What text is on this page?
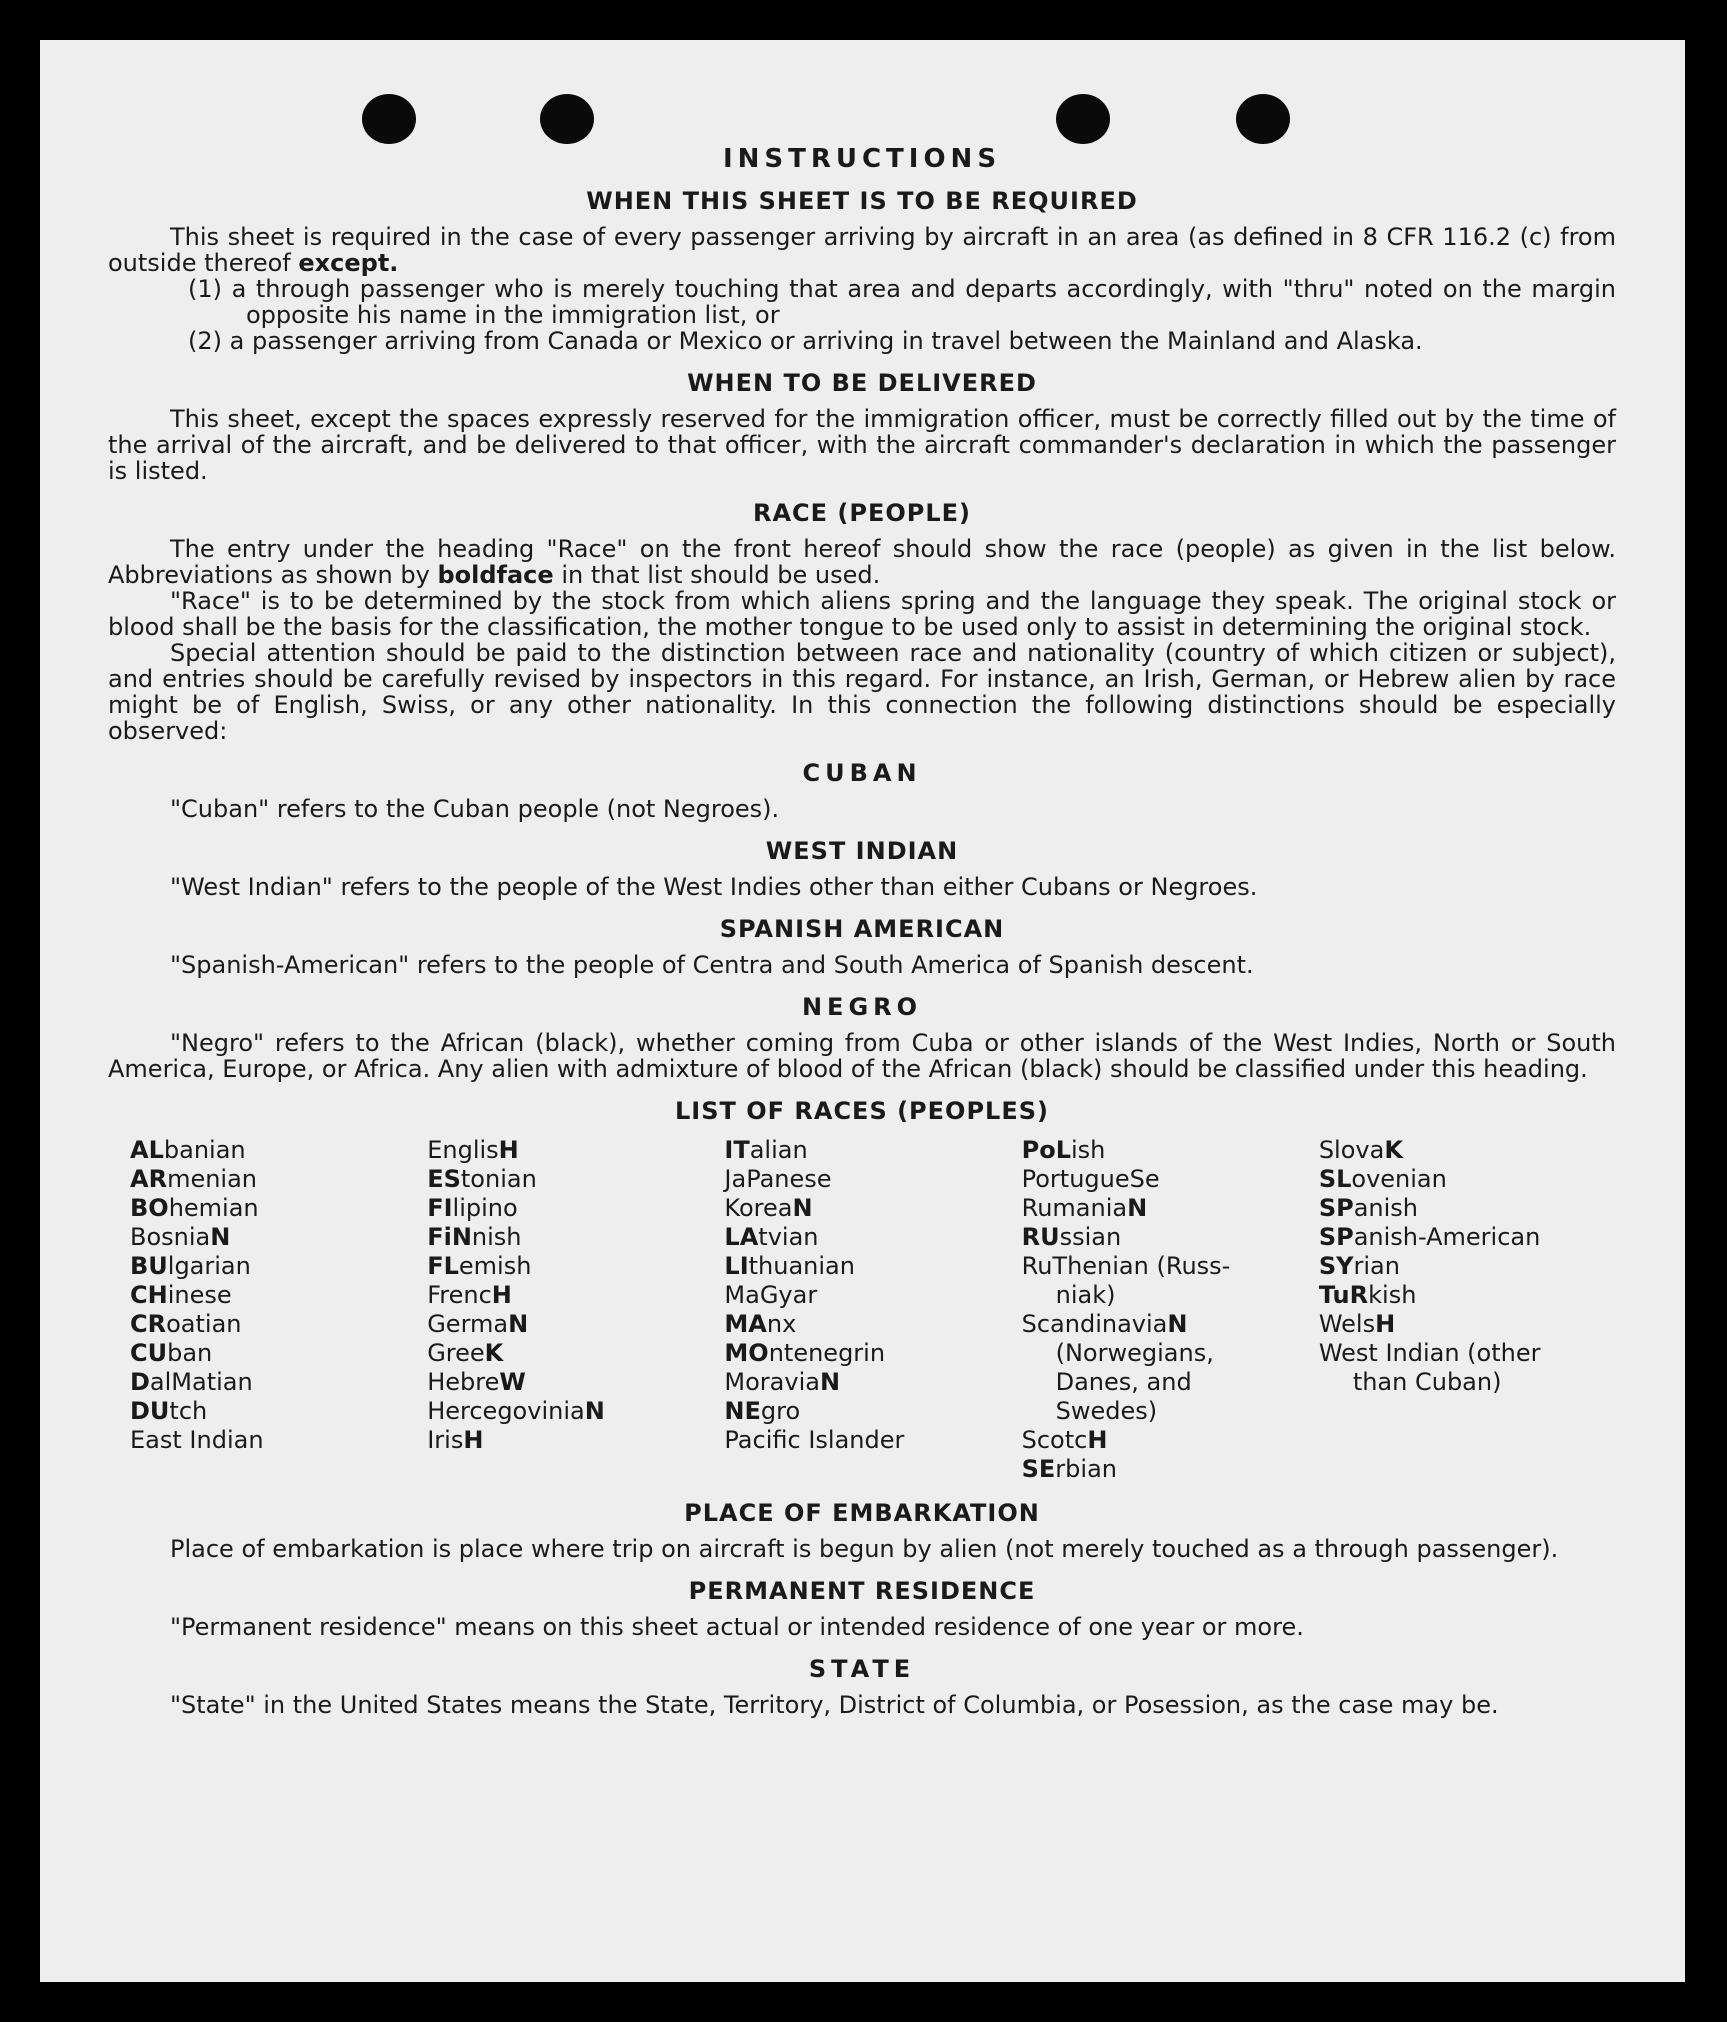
INSTRUCTIONS
WHEN THIS SHEET IS TO BE REQUIRED

This sheet is required in the case of every passenger arriving by aircraft in an area (as defined in 8 CFR 116.2 (c) from outside thereof except.

(1) a through passenger who is merely touching that area and departs accordingly, with "thru" noted on the margin opposite his name in the immigration list, or

(2) a passenger arriving from Canada or Mexico or arriving in travel between the Mainland and Alaska.

WHEN TO BE DELIVERED

This sheet, except the spaces expressly reserved for the immigration officer, must be correctly filled out by the time of the arrival of the aircraft, and be delivered to that officer, with the aircraft commander's declaration in which the passenger is listed.

RACE (PEOPLE)

The entry under the heading "Race" on the front hereof should show the race (people) as given in the list below. Abbreviations as shown by boldface in that list should be used.

"Race" is to be determined by the stock from which aliens spring and the language they speak. The original stock or blood shall be the basis for the classification, the mother tongue to be used only to assist in determining the original stock.

Special attention should be paid to the distinction between race and nationality (country of which citizen or subject), and entries should be carefully revised by inspectors in this regard. For instance, an Irish, German, or Hebrew alien by race might be of English, Swiss, or any other nationality. In this connection the following distinctions should be especially observed:

CUBAN

"Cuban" refers to the Cuban people (not Negroes).

WEST INDIAN

"West Indian" refers to the people of the West Indies other than either Cubans or Negroes.

SPANISH AMERICAN

"Spanish-American" refers to the people of Centra and South America of Spanish descent.

NEGRO

"Negro" refers to the African (black), whether coming from Cuba or other islands of the West Indies, North or South America, Europe, or Africa. Any alien with admixture of blood of the African (black) should be classified under this heading.

LIST OF RACES (PEOPLES)
ALbanian
ARmenian
BOhemian
BosniaN
BUlgarian
CHinese
CRoatian
CUban
DalMatian
DUtch
East Indian
EnglisH
EStonian
FIlipino
FiNnish
FLemish
FrencH
GermaN
GreeK
HebreW
HercegoviniaN
IrisH
ITalian
JaPanese
KoreaN
LAtvian
LIthuanian
MaGyar
MAnx
MOntenegrin
MoraviaN
NEgro
Pacific Islander
PoLish
PortugueSe
RumaniaN
RUssian
RuThenian (Russ-
niak)
ScandinaviaN
(Norwegians,
Danes, and
Swedes)
ScotcH
SErbian
SlovaK
SLovenian
SPanish
SPanish-American
SYrian
TuRkish
WelsH
West Indian (other
than Cuban)
PLACE OF EMBARKATION

Place of embarkation is place where trip on aircraft is begun by alien (not merely touched as a through passenger).

PERMANENT RESIDENCE

"Permanent residence" means on this sheet actual or intended residence of one year or more.

STATE

"State" in the United States means the State, Territory, District of Columbia, or Posession, as the case may be.
